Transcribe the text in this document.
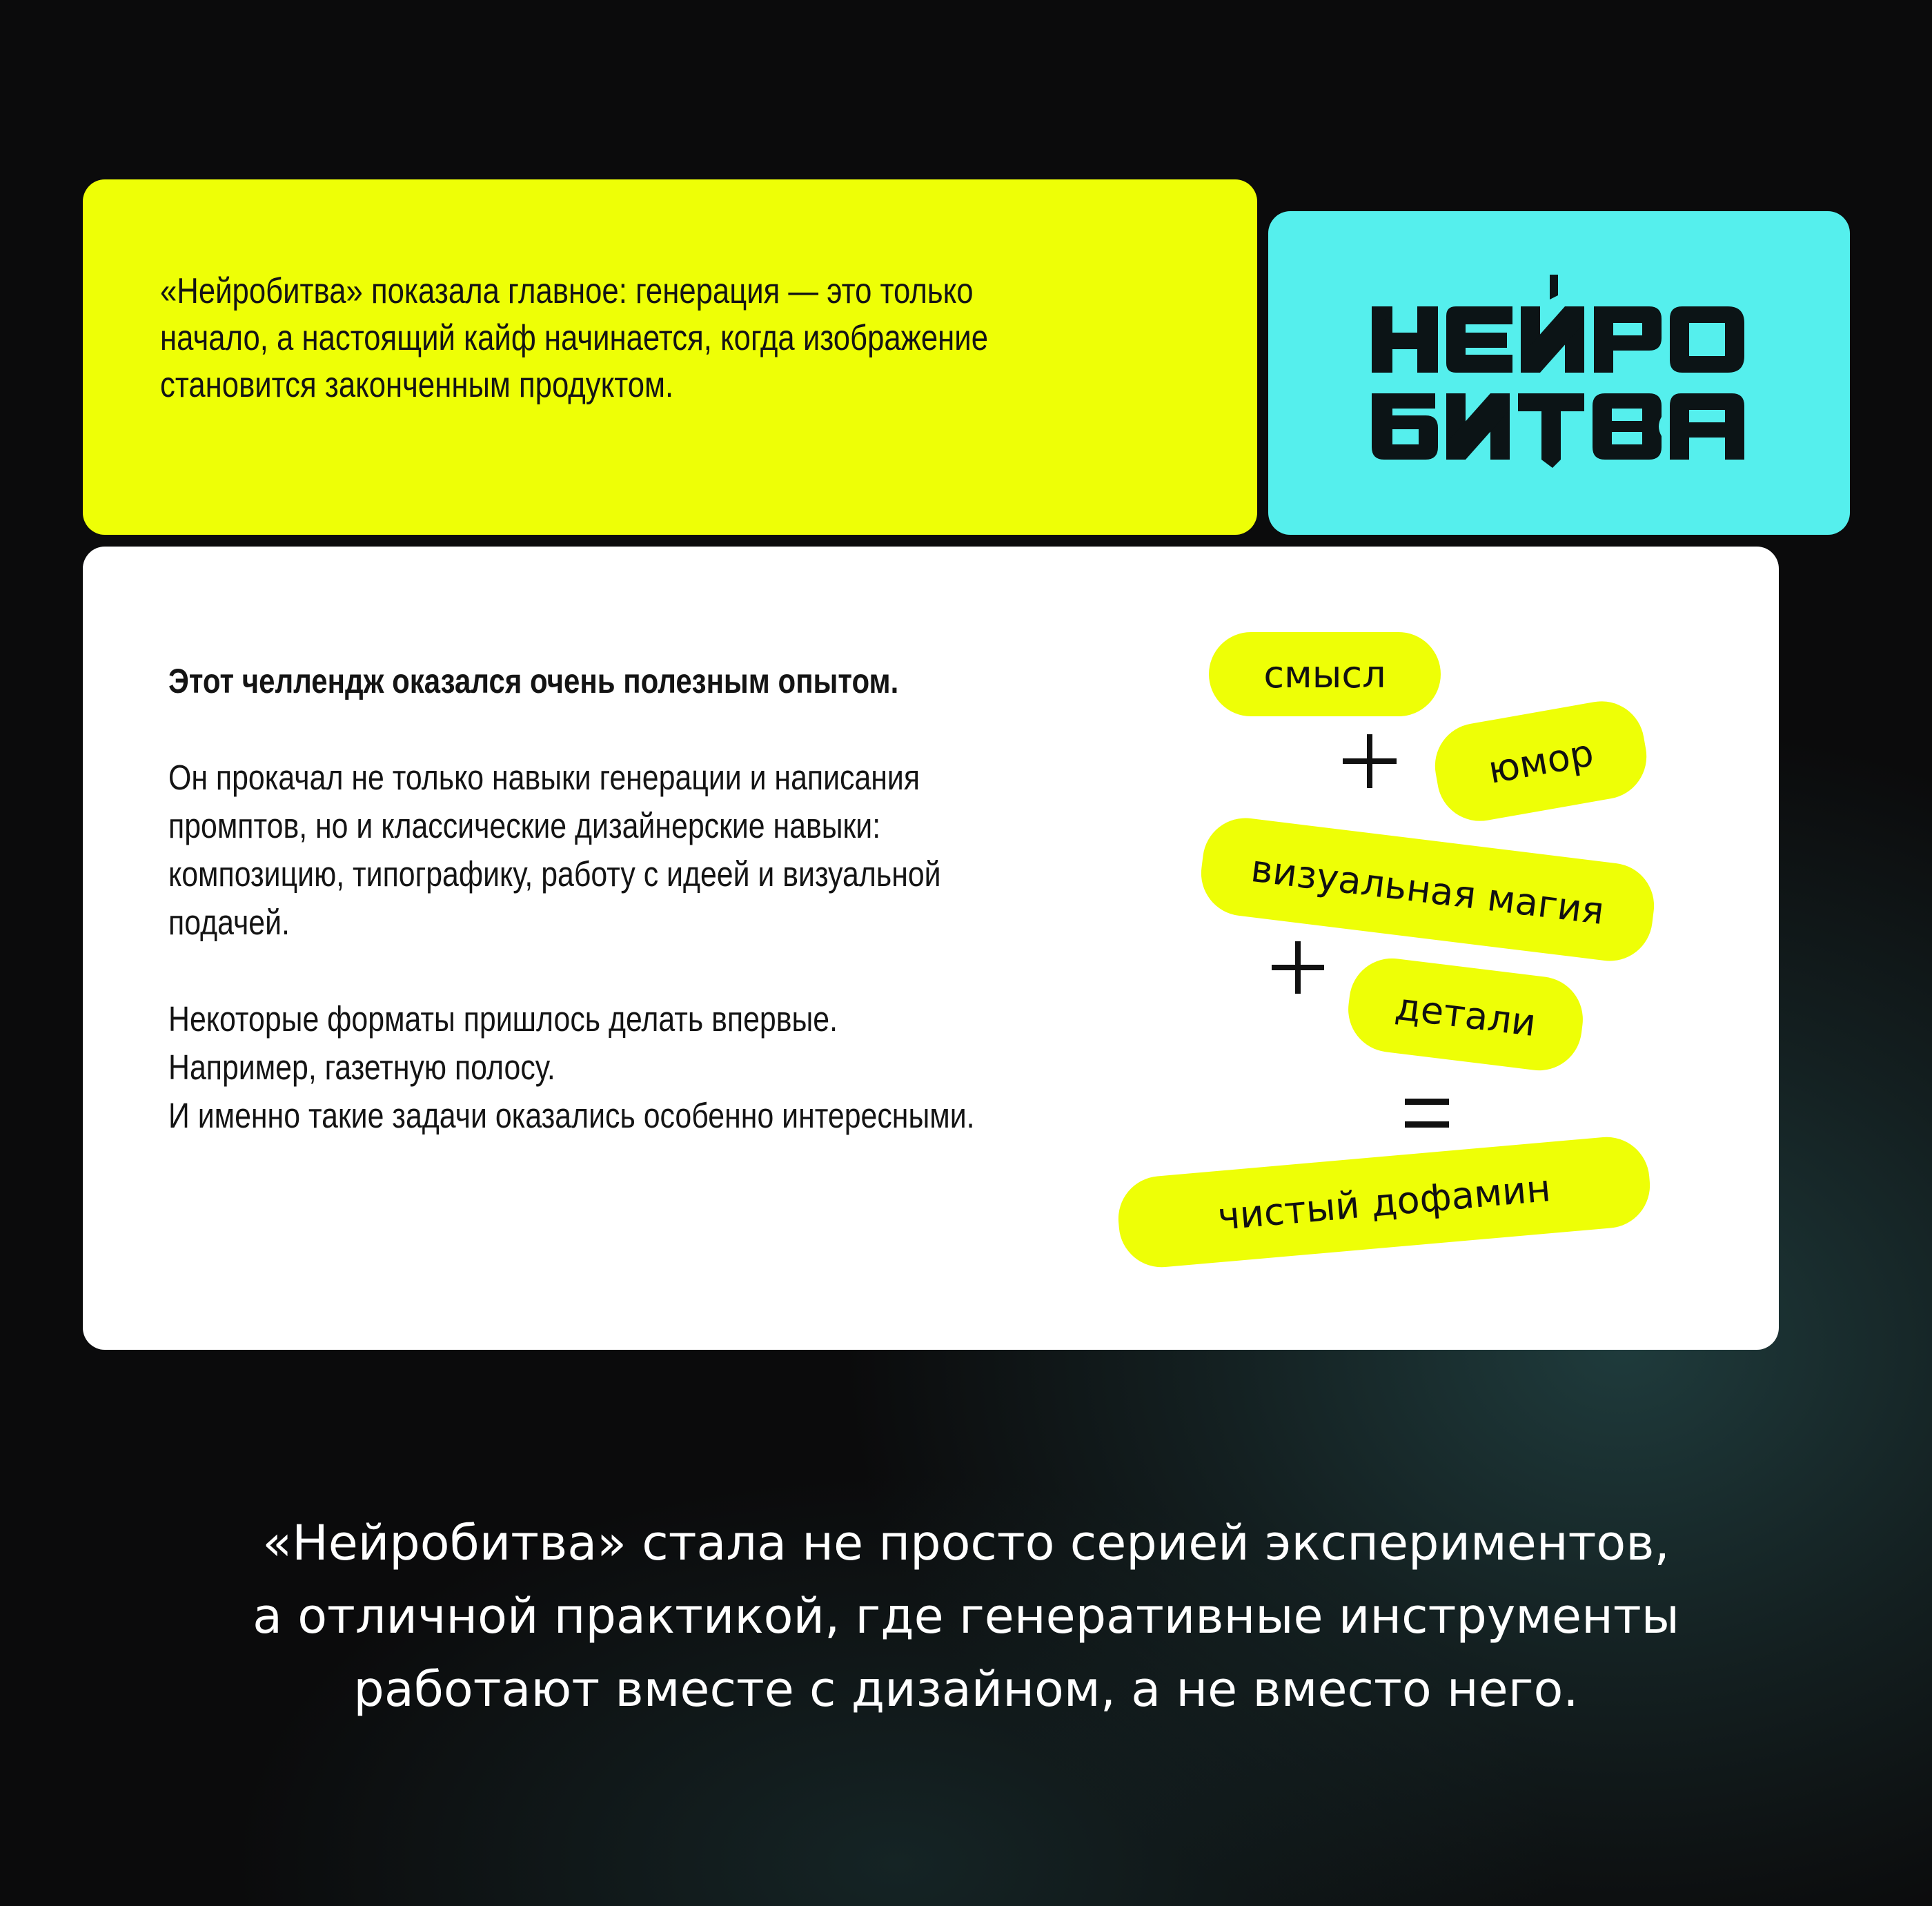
«Нейробитва» показала главное: генерация — это только
начало, а настоящий кайф начинается, когда изображение
становится законченным продуктом.
Этот челлендж оказался очень полезным опытом.
Он прокачал не только навыки генерации и написания
промптов, но и классические дизайнерские навыки:
композицию, типографику, работу с идеей и визуальной
подачей.
Некоторые форматы пришлось делать впервые.
Например, газетную полосу.
И именно такие задачи оказались особенно интересными.
смысл
юмор
визуальная магия
детали
чистый дофамин
«Нейробитва» стала не просто серией экспериментов,
а отличной практикой, где генеративные инструменты
работают вместе с дизайном, а не вместо него.
